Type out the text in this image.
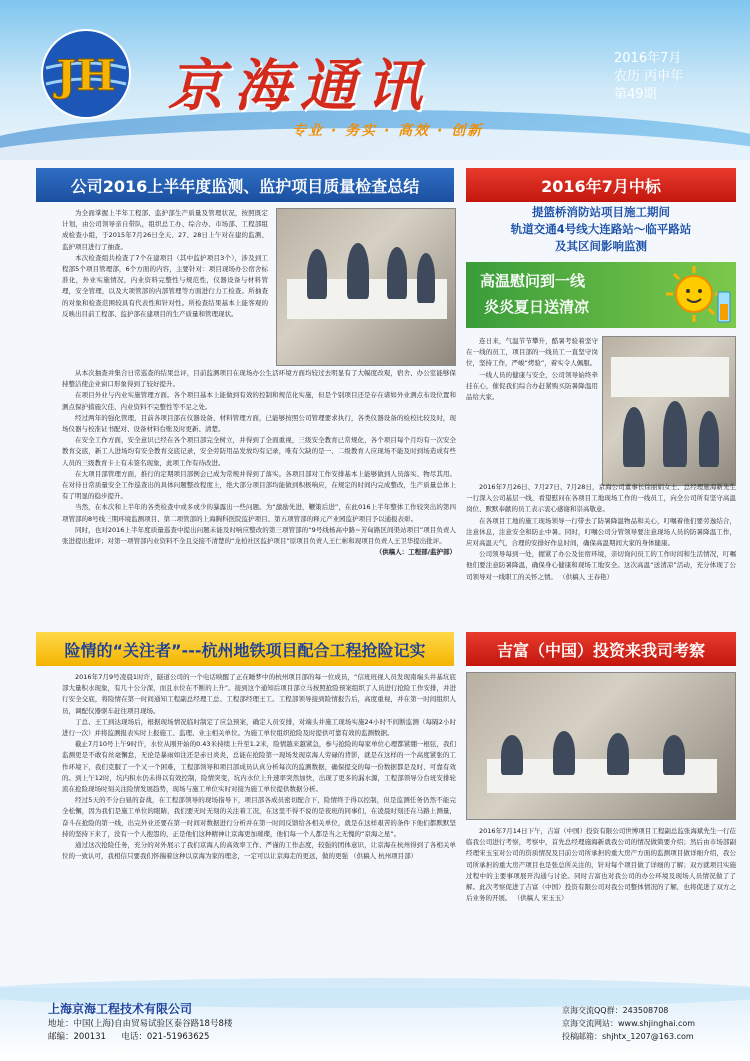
JH 京海通讯
专业 · 务实 · 高效 · 创新
2016年7月
农历 丙申年
第49期
公司2016上半年度监测、监护项目质量检查总结

为全面掌握上半年工程部、监护部生产质量及管理状况，按照既定计划，由公司领导亲自带队，组织总工办、综合办、市场部、工程部组成检查小组，于2015年7月26日全天、27、28日上午对在建的监测、监护项目进行了抽查。

本次检查组共检查了7个在建项目（其中监护项目3个），涉及到工程部5个项目管理部，6个方面的内容，主要针对：项目现场办公宿舍标准化，外业实施情况，内业资料完整性与规范性，仪器设备与材料管理，安全管理，以及大项管部的内部管理等方面进行力工检查。所抽查的对象和检查范围较具有代表性和针对性。所检查结果基本上能客观的反映出目前工程部、监护部在建项目的生产质量和管理现状。

从本次抽查并集合日常巡查的结果总评，目前监测项目在现场办公生活环境方面均较过去明显有了大幅度改观，宿舍、办公室能够保持整洁使企业窗口形象得到了较好提升。

在项目外业与内业实施管理方面。各个项目基本上能做到有效的控制和规范化实施，但是个别项目还是存在诸如外业测点布设位置和测点保护措施欠佳、内业资料不完整性等不足之处。

经过两年的强化管理，目前各项目部在仪器设备、材料管理方面，已能够按照公司管理要求执行，各类仪器设备的检校比较及时，现场仪器与校准证书配对、设备材料台账及时更新、清楚。

在安全工作方面，安全意识已经在各个项目部完全树立，并得到了全面重视，三级安全教育已常规化，各个项目每个月均有一次安全教育交底，新工人进场均有安全教育交底记录，安全劳防用品发放均有记录，唯有欠缺的是一、二级教育人应现场不能及时到场造成有些人员的三级教育卡上有未签名现象，此项工作有待改进。

在大项目部管理方面，推行的定期项目部例会已成为常规并得到了落实。各项目部对工作安排基本上能够做到人员落实、物尽其用。在对待日常质量安全工作巡查出的具体问题整改程度上，绝大部分项目部均能做到积极响应，在规定的时间内完成整改，生产质量总体上有了明显的稳步提升。

当然，在本次和上半年的各类检查中或多或少的暴露出一些问题。为“激励先进，鞭策后进”，在此016上半年整体工作较突出的第四项管部的8号线三期环境监测项目、第二项管部的上海胸科医院监护项目、第五项管部的释元产业园监护项目予以通报表彰。

同时，也对2016上半年度质量巡查中提出问题未能及时响应整改的第三项管部的“9号线杨高中路~芳甸路区间渠站项目”项目负责人张进提出批评；对第一项管部内业资料不全且交接不清楚的“龙柏社区监护项目”原项目负责人王仁彬和现项目负责人王卫华提出批评。

（供稿人：工程部/监护部）

险情的“关注者”---杭州地铁项目配合工程抢险记实

2016年7月9号凌晨1时许，隧道公司的一个电话映醒了正在睡梦中的杭州项目部的每一位成员，“信班班视人员发现南端头井基坑底部大量积水现象，有几十公分深，而且水位在不断的上升”。接到这个通知后项目部立马按照抢险预案组织了人员进行抢险工作安排，并进行安全交底，将险情在第一时间通知工程副总经理工总、工程部经理王工。工程部领导接到险情报告后，高度重视，并在第一时间组织人员，调配仪器驱车赶往项目现场。

丁总、王工到达现场后，根据现场情况临时制定了应急预案，确定人员安排，对端头井施工现场实施24小时不间断监测（每隔2小时进行一次）并将监测报表实时上报施工、监理、业主相关单位。为施工单位组织抢险及时提供可靠有效的监测数据。

截止7月10号上午9时许，水位从刚开始的0.43米持续上升至1.2米，险情越来越紧急，参与抢险的每家单位心理都紧绷一根弦，我们监测更是不敢有丝毫懈怠，无论是暴雨如注还是赤日炎炎，总能在抢险第一现场发现京海人劳碌的背影，就是在这样的一个高度紧张的工作环境下，我们克服了一个又一个困难，工程部领导和项目部成员认真分析每次的监测数据，确保提交的每一份数据都是及时、可靠有效的。到上午12时，坑内积水仍未得以有效控制，险情突变，坑内水位上升速率突然加快，出现了更多的漏水源，工程部领导分台班安排轮流在抢险现场时刻关注险情发展趋势，现场与施工单位实时对接为施工单位提供数据分析。

经过5天的不分白昼的奋战，在工程部领导的现场指导下，项目部各成员密切配合下，险情终于得以控制，但是监测任务仍然不能完全松懈，因为我们是施工单位的眼睛，我们要无时无刻的关注着工况，在这里不得不说的是夜班的同事们，在凌晨时刻还在马路上测量，奋斗在抢险的第一线，出完外业还要在第一时间对数据进行分析并在第一时间反馈给各相关单位，就是在这样艰苦的条件下他们都默默坚持的坚持下来了，没有一个人抱怨的，正是他们这种精神让京海更加璀璨，他们每一个人都是当之无愧的“京海之星”。

通过这次抢险任务，充分的对外展示了我们京海人的高效率工作、严谨的工作态度，较强的团体意识，让京海在杭州得到了各相关单位的一致认可，我相信只要我们怀揣着这种以京海为家的理念，一定可以让京海走的更远，做的更强 （供稿人 杭州项目部）

2016年7月中标
提篮桥消防站项目施工期间
轨道交通4号线大连路站～临平路站
及其区间影响监测
高温慰问到一线
炎炎夏日送清凉

连日来，气温节节攀升，酷暑考验着坚守在一线的员工，项目部的一线员工一直坚守岗位，坚持工作，严峻“烤验”，着实令人佩服。

一线人员的健康与安全，公司领导始终牵挂在心，催促我们综合办赶紧购买防暑降温用品给大家。

2016年7月26日、7月27日、7月28日，京海公司董事长徐丽娟女士、总经理施海新先生一行深入公司基层一线，看望慰问在各项目工地现场工作的一线员工，向全公司所有坚守高温岗位、默默奉献的员工表示衷心感谢和崇高敬意。

在各项目工地的施工现场领导一行带去了防暑降温物品和关心，叮嘱着他们要劳逸结合，注意休息，注意安全和防止中暑。同时，叮嘱公司分管领导要注意现场人员的防暑降温工作，应对高温天气，合理的安排好作息时间，确保高温期间大家的身体健康。

公司领导每到一处，握紧了办公及住宿环境，亲切询问员工的工作时间和生活情况，叮嘱他们要注意防暑降温，确保身心健康和现场工地安全。这次高温“送清凉”活动，充分体现了公司领导对一线职工的关怀之情。 （供稿人 王春艳）

吉富（中国）投资来我司考察

2016年7月14日下午，吉富（中国）投资有限公司世博项目工程副总监张海斌先生一行莅临我公司进行考察，考察中，首先总经理施海新就我公司的情况做简要介绍；然后由市场部副经理宋玉宝对公司的资质情况及目前公司所承担的重大房产方面的监测项目做详细介绍，我公司所承担的重大房产项目也是张总所关注的，针对每个项目做了详细的了解；双方就项目实施过程中的主要事项展开沟通与讨论。同时吉富也对我公司的办公环境及现场人员情况做了了解。此次考察促进了吉富（中国）投资有限公司对我公司整体情况的了解，也将促进了双方之后业务的开展。 （供稿人 宋玉玉）

上海京海工程技术有限公司
地址：中国(上海)自由贸易试验区泰谷路18号8楼
邮编：200131 电话：021-51963625
京海交流QQ群：243508708
京海交流网站：www.shjinghai.com
投稿邮箱：shjhtx_1207@163.com
